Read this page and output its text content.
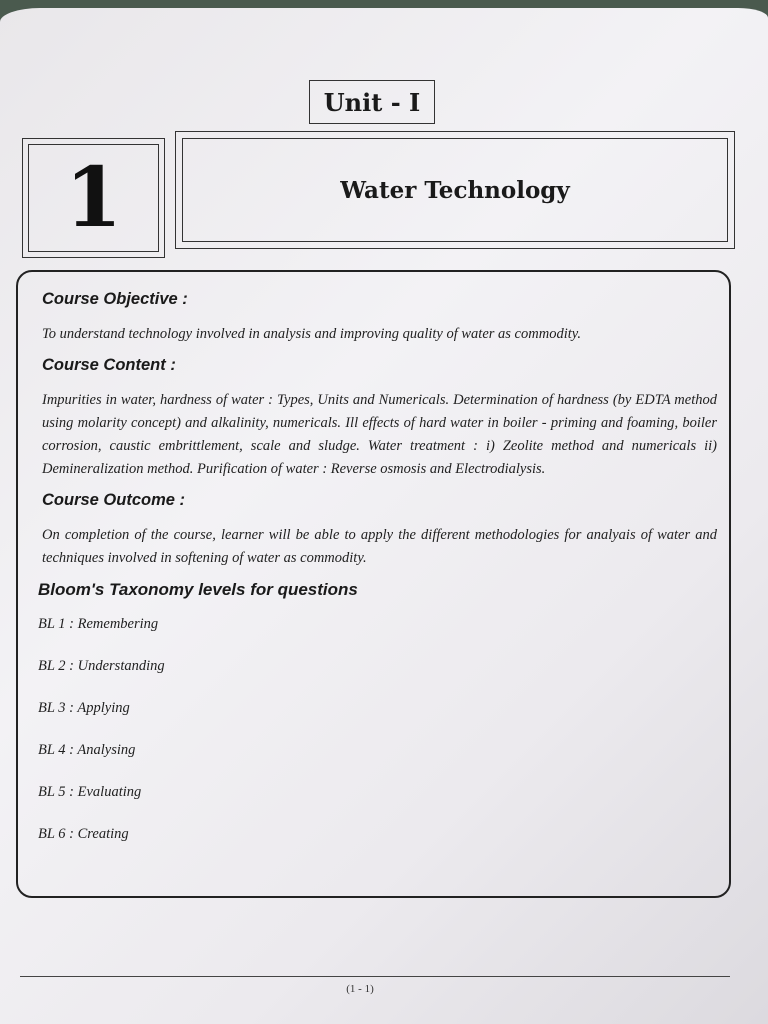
Unit - I
1	Water Technology
Course Objective :
To understand technology involved in analysis and improving quality of water as commodity.
Course Content :
Impurities in water, hardness of water : Types, Units and Numericals. Determination of hardness (by EDTA method using molarity concept) and alkalinity, numericals. Ill effects of hard water in boiler - priming and foaming, boiler corrosion, caustic embrittlement, scale and sludge. Water treatment : i) Zeolite method and numericals ii) Demineralization method. Purification of water : Reverse osmosis and Electrodialysis.
Course Outcome :
On completion of the course, learner will be able to apply the different methodologies for analyais of water and techniques involved in softening of water as commodity.
Bloom's Taxonomy levels for questions
BL 1 : Remembering
BL 2 : Understanding
BL 3 : Applying
BL 4 : Analysing
BL 5 : Evaluating
BL 6 : Creating
(1 - 1)
